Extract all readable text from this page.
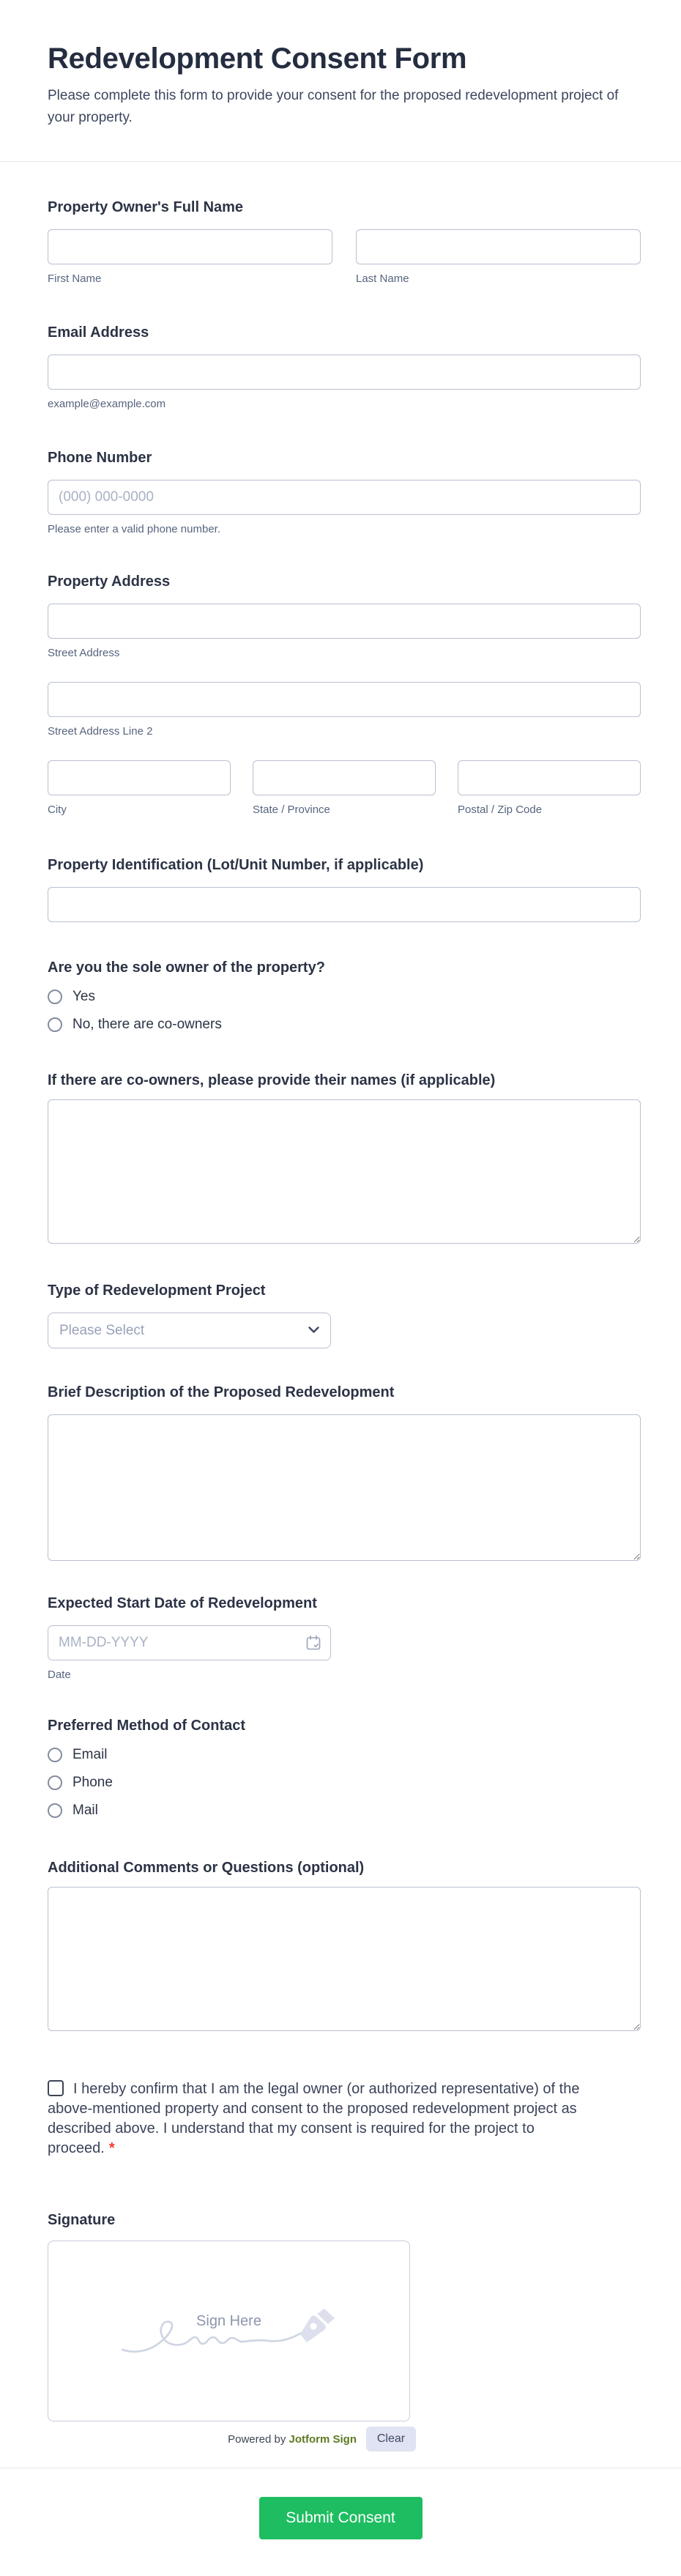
Redevelopment Consent Form
Please complete this form to provide your consent for the proposed redevelopment project of your property.
Property Owner's Full Name
First Name	Last Name
Email Address
example@example.com
Phone Number
(000) 000-0000
Please enter a valid phone number.
Property Address
Street Address
Street Address Line 2
City	State / Province	Postal / Zip Code
Property Identification (Lot/Unit Number, if applicable)
Are you the sole owner of the property?
Yes
No, there are co-owners
If there are co-owners, please provide their names (if applicable)
Type of Redevelopment Project
Please Select
Brief Description of the Proposed Redevelopment
Expected Start Date of Redevelopment
MM-DD-YYYY
Date
Preferred Method of Contact
Email
Phone
Mail
Additional Comments or Questions (optional)
I hereby confirm that I am the legal owner (or authorized representative) of the above-mentioned property and consent to the proposed redevelopment project as described above. I understand that my consent is required for the project to proceed. *
Signature
Sign Here
Powered by Jotform Sign	Clear
Submit Consent
